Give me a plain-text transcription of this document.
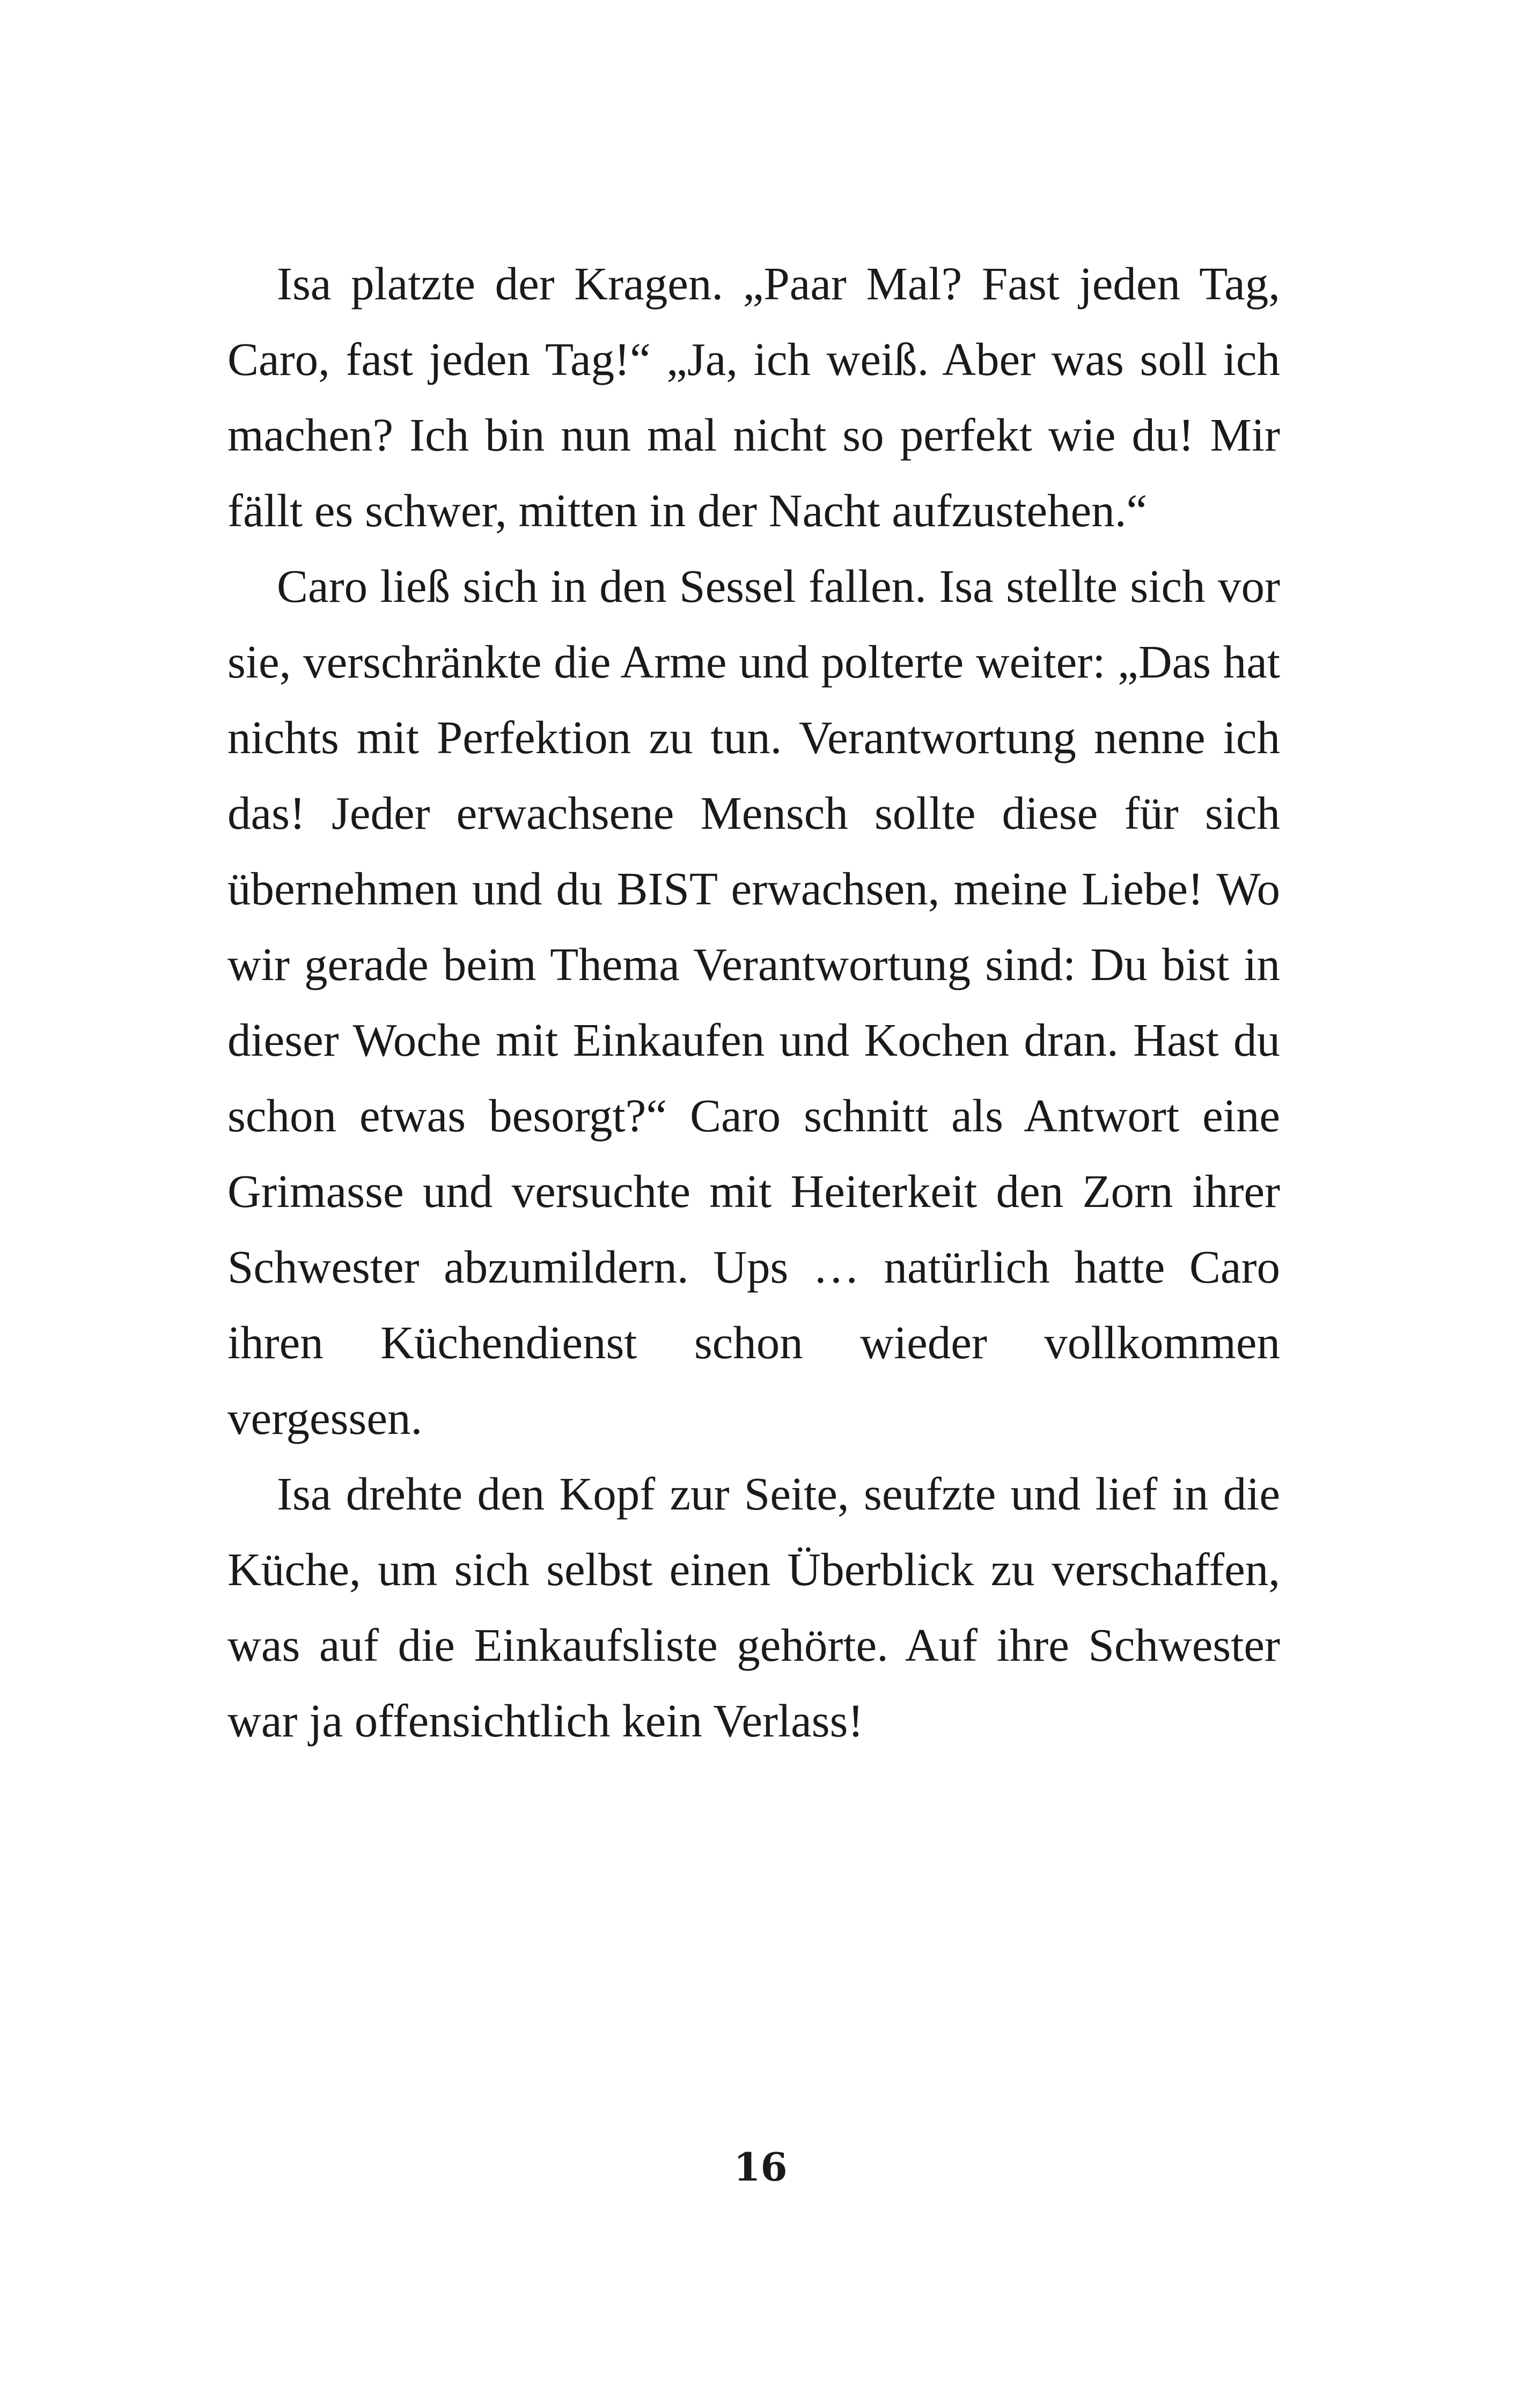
Isa platzte der Kragen. „Paar Mal? Fast jeden Tag, Caro, fast jeden Tag!“ „Ja, ich weiß. Aber was soll ich machen? Ich bin nun mal nicht so perfekt wie du! Mir fällt es schwer, mitten in der Nacht aufzustehen.“

Caro ließ sich in den Sessel fallen. Isa stellte sich vor sie, verschränkte die Arme und polterte weiter: „Das hat nichts mit Perfektion zu tun. Verantwortung nenne ich das! Jeder erwachsene Mensch sollte diese für sich übernehmen und du BIST erwachsen, meine Liebe! Wo wir gerade beim Thema Verantwortung sind: Du bist in dieser Woche mit Einkaufen und Kochen dran. Hast du schon etwas besorgt?“ Caro schnitt als Antwort eine Grimasse und versuchte mit Heiterkeit den Zorn ihrer Schwester abzumildern. Ups … natürlich hatte Caro ihren Küchendienst schon wieder vollkommen vergessen.

Isa drehte den Kopf zur Seite, seufzte und lief in die Küche, um sich selbst einen Überblick zu verschaffen, was auf die Einkaufsliste gehörte. Auf ihre Schwester war ja offensichtlich kein Verlass!

16
